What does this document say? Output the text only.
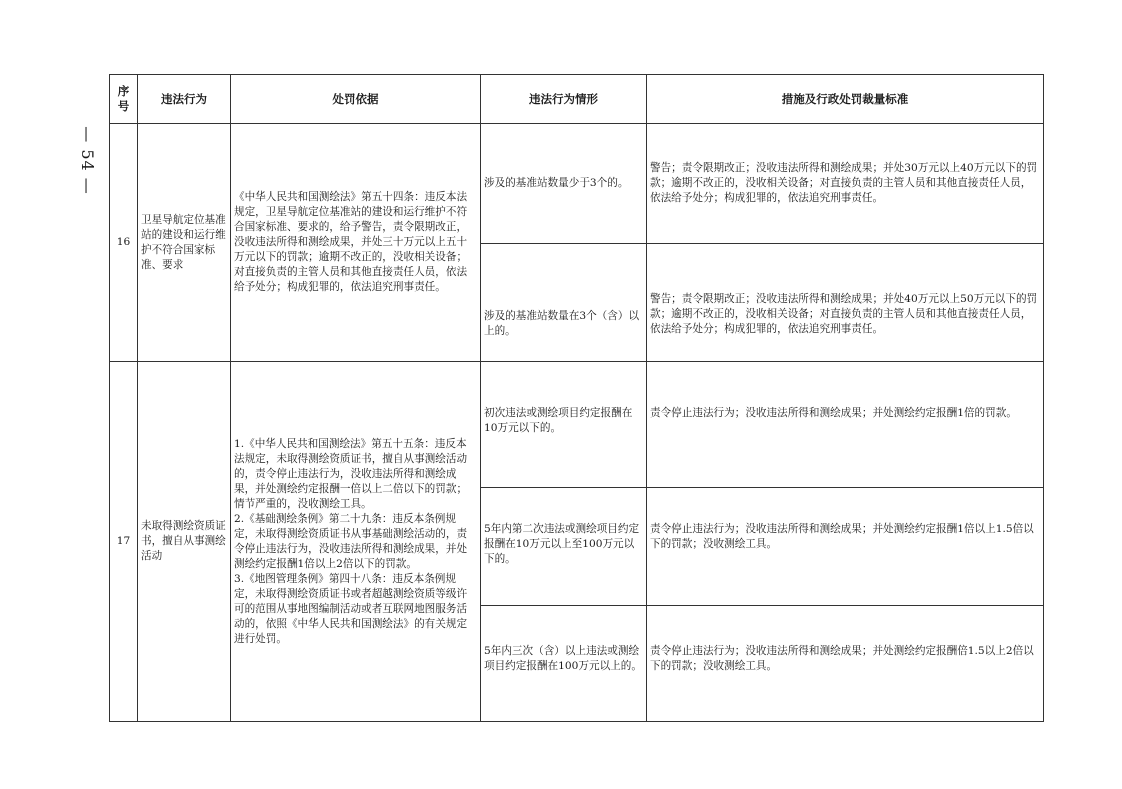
— 54 —
序号	违法行为	处罚依据	违法行为情形	措施及行政处罚裁量标准
16	卫星导航定位基准站的建设和运行维护不符合国家标准、要求	《中华人民共和国测绘法》第五十四条：违反本法规定，卫星导航定位基准站的建设和运行维护不符合国家标准、要求的，给予警告，责令限期改正，没收违法所得和测绘成果，并处三十万元以上五十万元以下的罚款；逾期不改正的，没收相关设备；对直接负责的主管人员和其他直接责任人员，依法给予处分；构成犯罪的，依法追究刑事责任。	涉及的基准站数量少于3个的。	警告；责令限期改正；没收违法所得和测绘成果；并处30万元以上40万元以下的罚款；逾期不改正的，没收相关设备；对直接负责的主管人员和其他直接责任人员，依法给予处分；构成犯罪的，依法追究刑事责任。
			涉及的基准站数量在3个（含）以上的。	警告；责令限期改正；没收违法所得和测绘成果；并处40万元以上50万元以下的罚款；逾期不改正的，没收相关设备；对直接负责的主管人员和其他直接责任人员，依法给予处分；构成犯罪的，依法追究刑事责任。
17	未取得测绘资质证书，擅自从事测绘活动	1.《中华人民共和国测绘法》第五十五条：违反本法规定，未取得测绘资质证书，擅自从事测绘活动的，责令停止违法行为，没收违法所得和测绘成果，并处测绘约定报酬一倍以上二倍以下的罚款；情节严重的，没收测绘工具。
2.《基础测绘条例》第二十九条：违反本条例规定，未取得测绘资质证书从事基础测绘活动的，责令停止违法行为，没收违法所得和测绘成果，并处测绘约定报酬1倍以上2倍以下的罚款。
3.《地图管理条例》第四十八条：违反本条例规定，未取得测绘资质证书或者超越测绘资质等级许可的范围从事地图编制活动或者互联网地图服务活动的，依照《中华人民共和国测绘法》的有关规定进行处罚。	初次违法或测绘项目约定报酬在10万元以下的。	责令停止违法行为；没收违法所得和测绘成果；并处测绘约定报酬1倍的罚款。
			5年内第二次违法或测绘项目约定报酬在10万元以上至100万元以下的。	责令停止违法行为；没收违法所得和测绘成果；并处测绘约定报酬1倍以上1.5倍以下的罚款；没收测绘工具。
			5年内三次（含）以上违法或测绘项目约定报酬在100万元以上的。	责令停止违法行为；没收违法所得和测绘成果；并处测绘约定报酬倍1.5以上2倍以下的罚款；没收测绘工具。
